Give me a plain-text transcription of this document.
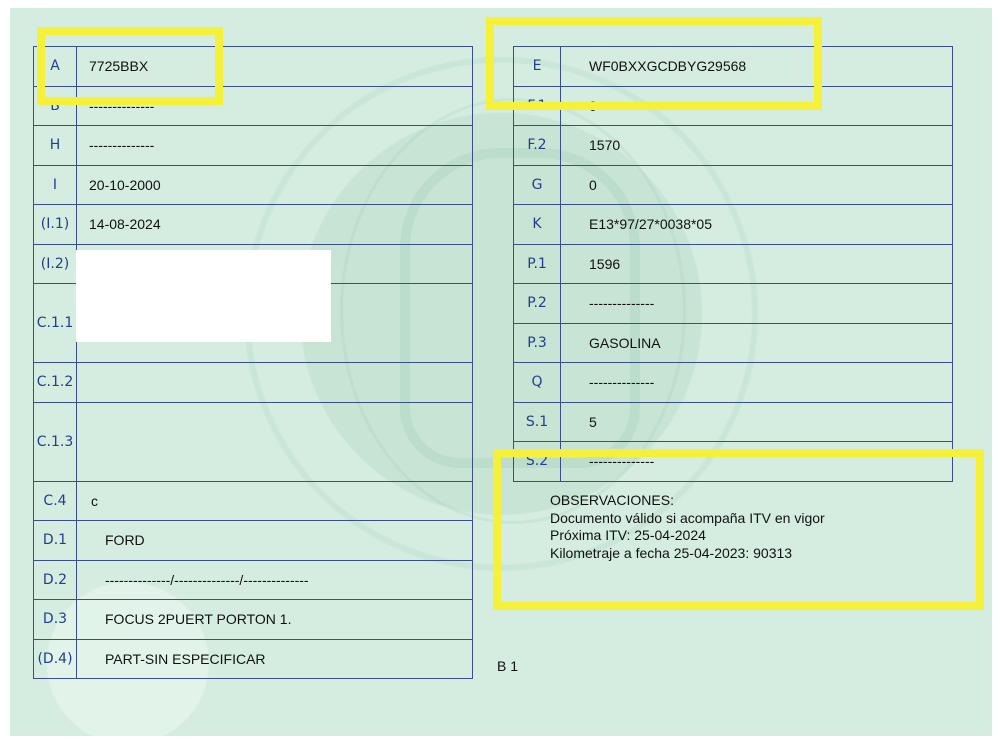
A	7725BBX
B	--------------
H	--------------
I	20-10-2000
(I.1)	14-08-2024
(I.2)	
C.1.1	
C.1.2	
C.1.3	
C.4	c
D.1	FORD
D.2	--------------/--------------/--------------
D.3	FOCUS 2PUERT PORTON 1.
(D.4)	PART-SIN ESPECIFICAR
E	WF0BXXGCDBYG29568
F.1	0
F.2	1570
G	0
K	E13*97/27*0038*05
P.1	1596
P.2	--------------
P.3	GASOLINA
Q	--------------
S.1	5
S.2	--------------
OBSERVACIONES:
Documento válido si acompaña ITV en vigor
Próxima ITV: 25-04-2024
Kilometraje a fecha 25-04-2023: 90313
B 1
